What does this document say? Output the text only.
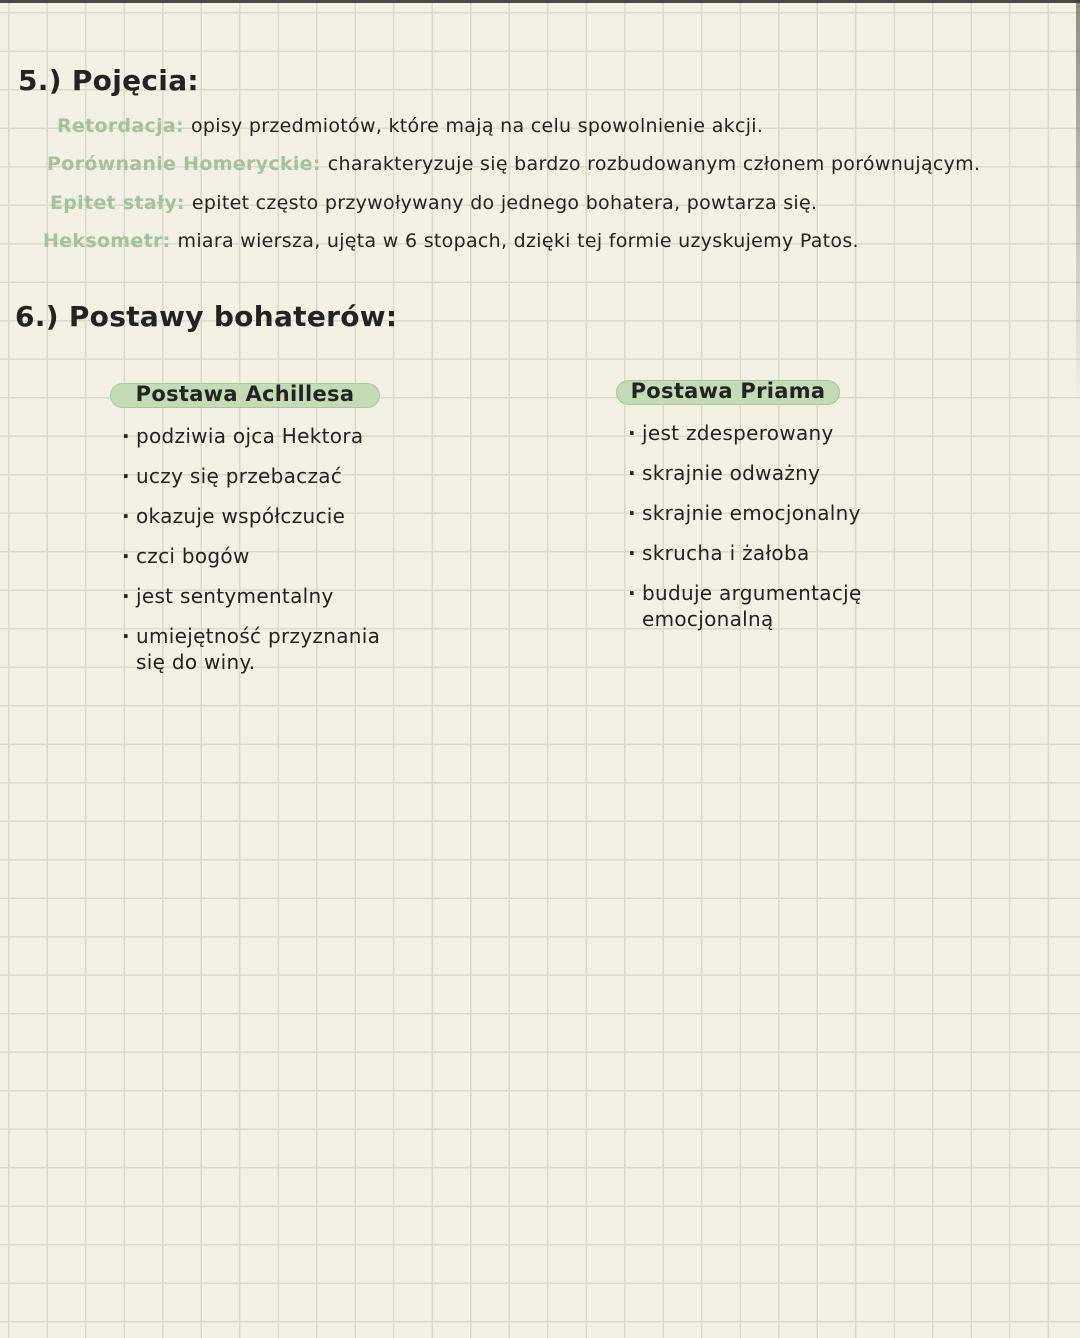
5.) Pojęcia:
Retordacja: opisy przedmiotów, które mają na celu spowolnienie akcji.
Porównanie Homeryckie: charakteryzuje się bardzo rozbudowanym członem porównującym.
Epitet stały: epitet często przywoływany do jednego bohatera, powtarza się.
Heksometr: miara wiersza, ujęta w 6 stopach, dzięki tej formie uzyskujemy Patos.
6.) Postawy bohaterów:
Postawa Achillesa
· podziwia ojca Hektora
· uczy się przebaczać
· okazuje współczucie
· czci bogów
· jest sentymentalny
· umiejętność przyznania się do winy.
Postawa Priama
· jest zdesperowany
· skrajnie odważny
· skrajnie emocjonalny
· skrucha i żałoba
· buduje argumentację emocjonalną
